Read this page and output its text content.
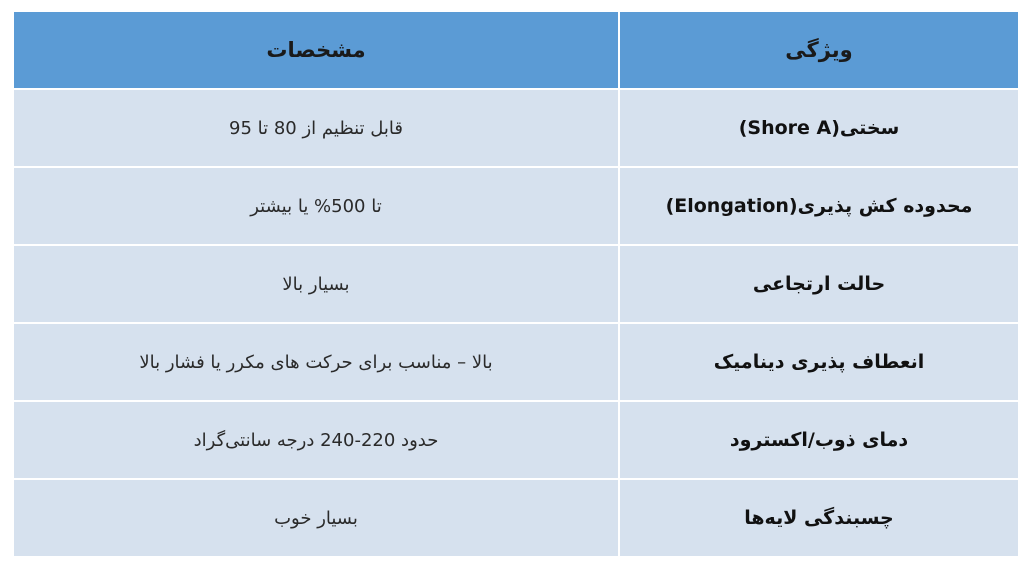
ویژگی	مشخصات
سختی(Shore A)	قابل تنظیم از 80 تا 95
محدوده کش پذیری(Elongation)	تا 500% یا بیشتر
حالت ارتجاعی	بسیار بالا
انعطاف پذیری دینامیک	بالا – مناسب برای حرکت های مکرر یا فشار بالا
دمای ذوب/اکسترود	حدود 220-240 درجه سانتی‌گراد
چسبندگی لایه‌ها	بسیار خوب
